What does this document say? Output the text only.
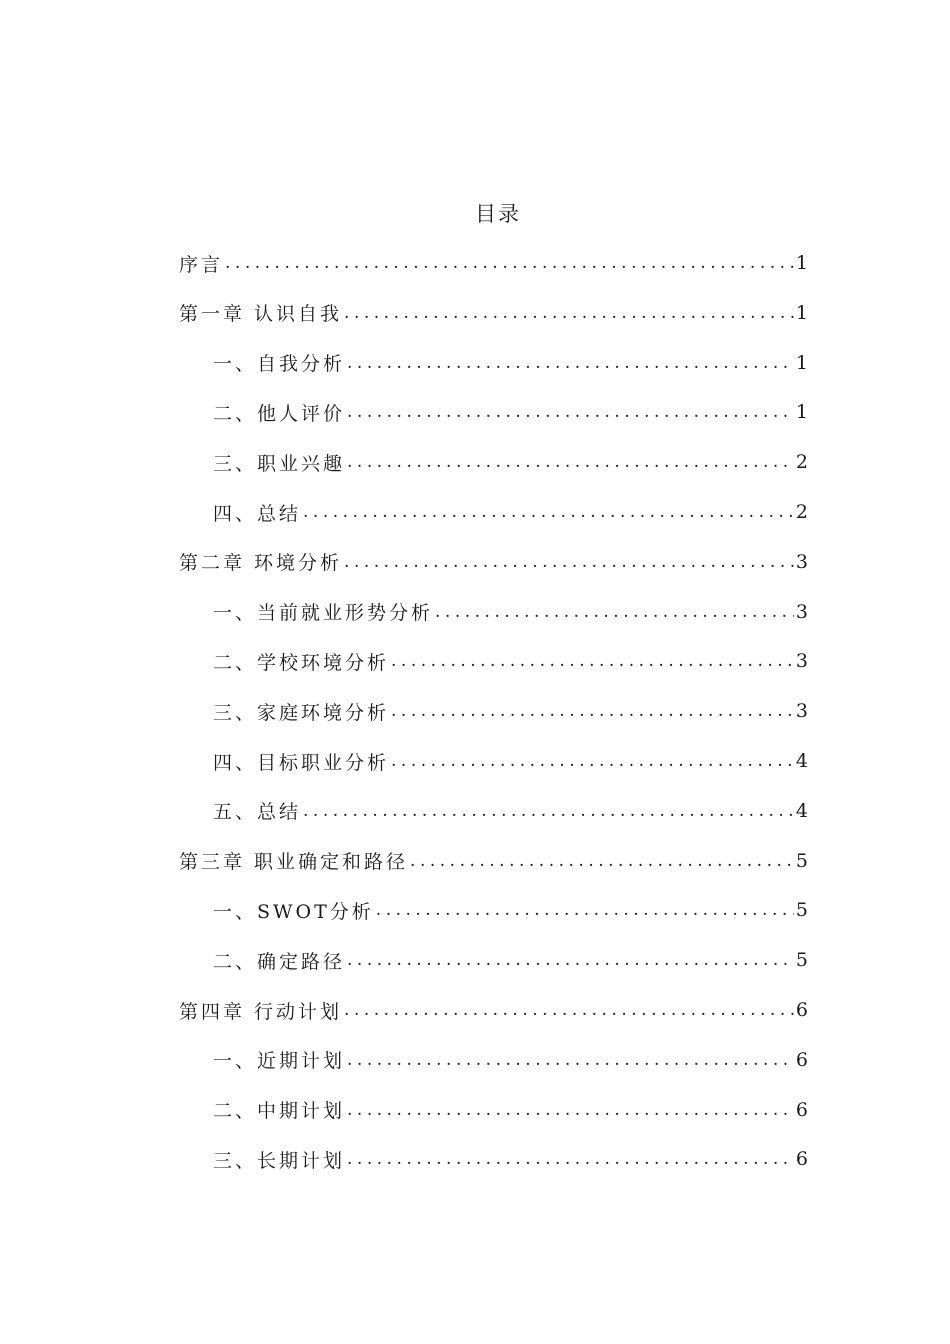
目录
序言 .....	1
第一章 认识自我 .....	1
一、自我分析 .....	1
二、他人评价 .....	1
三、职业兴趣 .....	2
四、总结 .....	2
第二章 环境分析 .....	3
一、当前就业形势分析 .....	3
二、学校环境分析 .....	3
三、家庭环境分析 .....	3
四、目标职业分析 .....	4
五、总结 .....	4
第三章 职业确定和路径 .....	5
一、SWOT分析 .....	5
二、确定路径 .....	5
第四章 行动计划 .....	6
一、近期计划 .....	6
二、中期计划 .....	6
三、长期计划 .....	6
